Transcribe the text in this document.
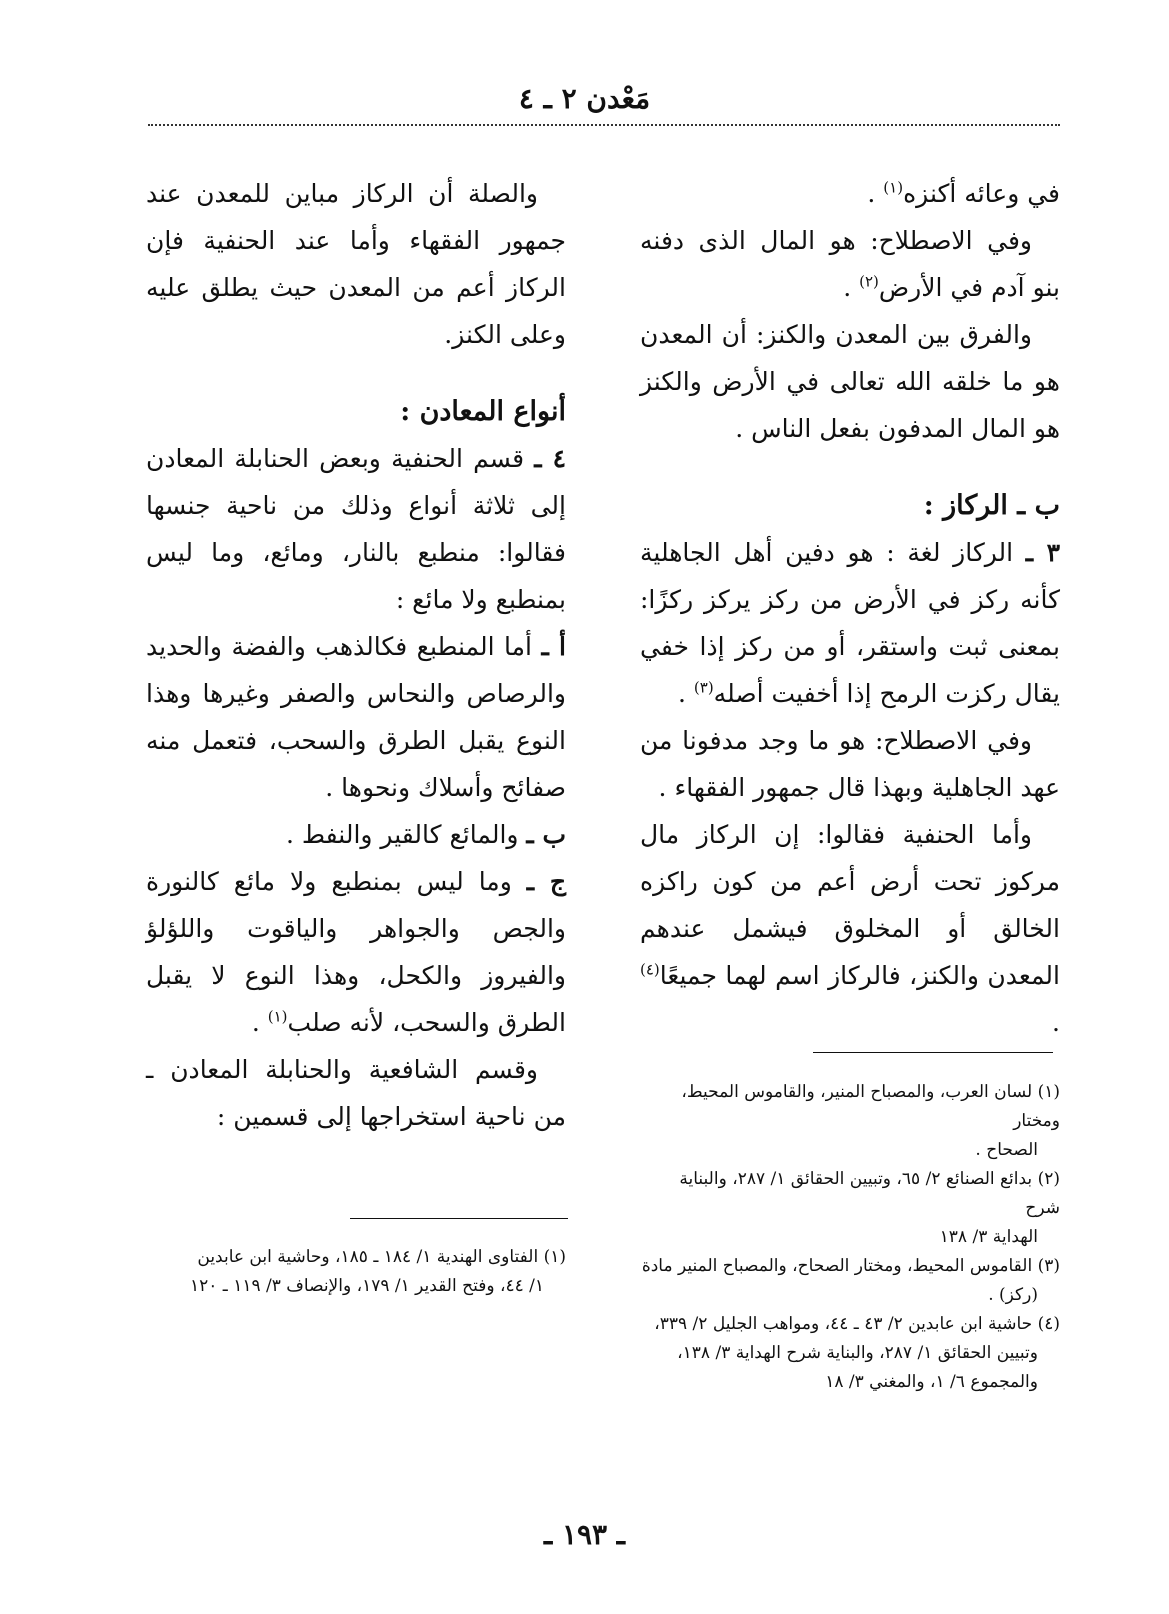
مَعْدن ٢ ـ ٤

في وعائه أكنزه$^{(١)}$ .

وفي الاصطلاح: هو المال الذى دفنه بنو آدم في الأرض$^{(٢)}$ .

والفرق بين المعدن والكنز: أن المعدن هو ما خلقه الله تعالى في الأرض والكنز هو المال المدفون بفعل الناس .

ب ـ الركاز :

٣ ـ الركاز لغة : هو دفين أهل الجاهلية كأنه ركز في الأرض من ركز يركز ركزًا: بمعنى ثبت واستقر، أو من ركز إذا خفي يقال ركزت الرمح إذا أخفيت أصله$^{(٣)}$ .

وفي الاصطلاح: هو ما وجد مدفونا من عهد الجاهلية وبهذا قال جمهور الفقهاء .

وأما الحنفية فقالوا: إن الركاز مال مركوز تحت أرض أعم من كون راكزه الخالق أو المخلوق فيشمل عندهم المعدن والكنز، فالركاز اسم لهما جميعًا$^{(٤)}$ .

(١) لسان العرب، والمصباح المنير، والقاموس المحيط، ومختار

الصحاح .

(٢) بدائع الصنائع ٢/ ٦٥، وتبيين الحقائق ١/ ٢٨٧، والبناية شرح

الهداية ٣/ ١٣٨

(٣) القاموس المحيط، ومختار الصحاح، والمصباح المنير مادة

(ركز) .

(٤) حاشية ابن عابدين ٢/ ٤٣ ـ ٤٤، ومواهب الجليل ٢/ ٣٣٩،

وتبيين الحقائق ١/ ٢٨٧، والبناية شرح الهداية ٣/ ١٣٨،

والمجموع ٦/ ١، والمغني ٣/ ١٨

والصلة أن الركاز مباين للمعدن عند جمهور الفقهاء وأما عند الحنفية فإن الركاز أعم من المعدن حيث يطلق عليه وعلى الكنز.

أنواع المعادن :

٤ ـ قسم الحنفية وبعض الحنابلة المعادن إلى ثلاثة أنواع وذلك من ناحية جنسها فقالوا: منطبع بالنار، ومائع، وما ليس بمنطبع ولا مائع :

أ ـ أما المنطبع فكالذهب والفضة والحديد والرصاص والنحاس والصفر وغيرها وهذا النوع يقبل الطرق والسحب، فتعمل منه صفائح وأسلاك ونحوها .

ب ـ والمائع كالقير والنفط .

ج ـ وما ليس بمنطبع ولا مائع كالنورة والجص والجواهر والياقوت واللؤلؤ والفيروز والكحل، وهذا النوع لا يقبل الطرق والسحب، لأنه صلب$^{(١)}$ .

وقسم الشافعية والحنابلة المعادن ـ من ناحية استخراجها إلى قسمين :

(١) الفتاوى الهندية ١/ ١٨٤ ـ ١٨٥، وحاشية ابن عابدين

١/ ٤٤، وفتح القدير ١/ ١٧٩، والإنصاف ٣/ ١١٩ ـ ١٢٠

ـ ١٩٣ ـ
